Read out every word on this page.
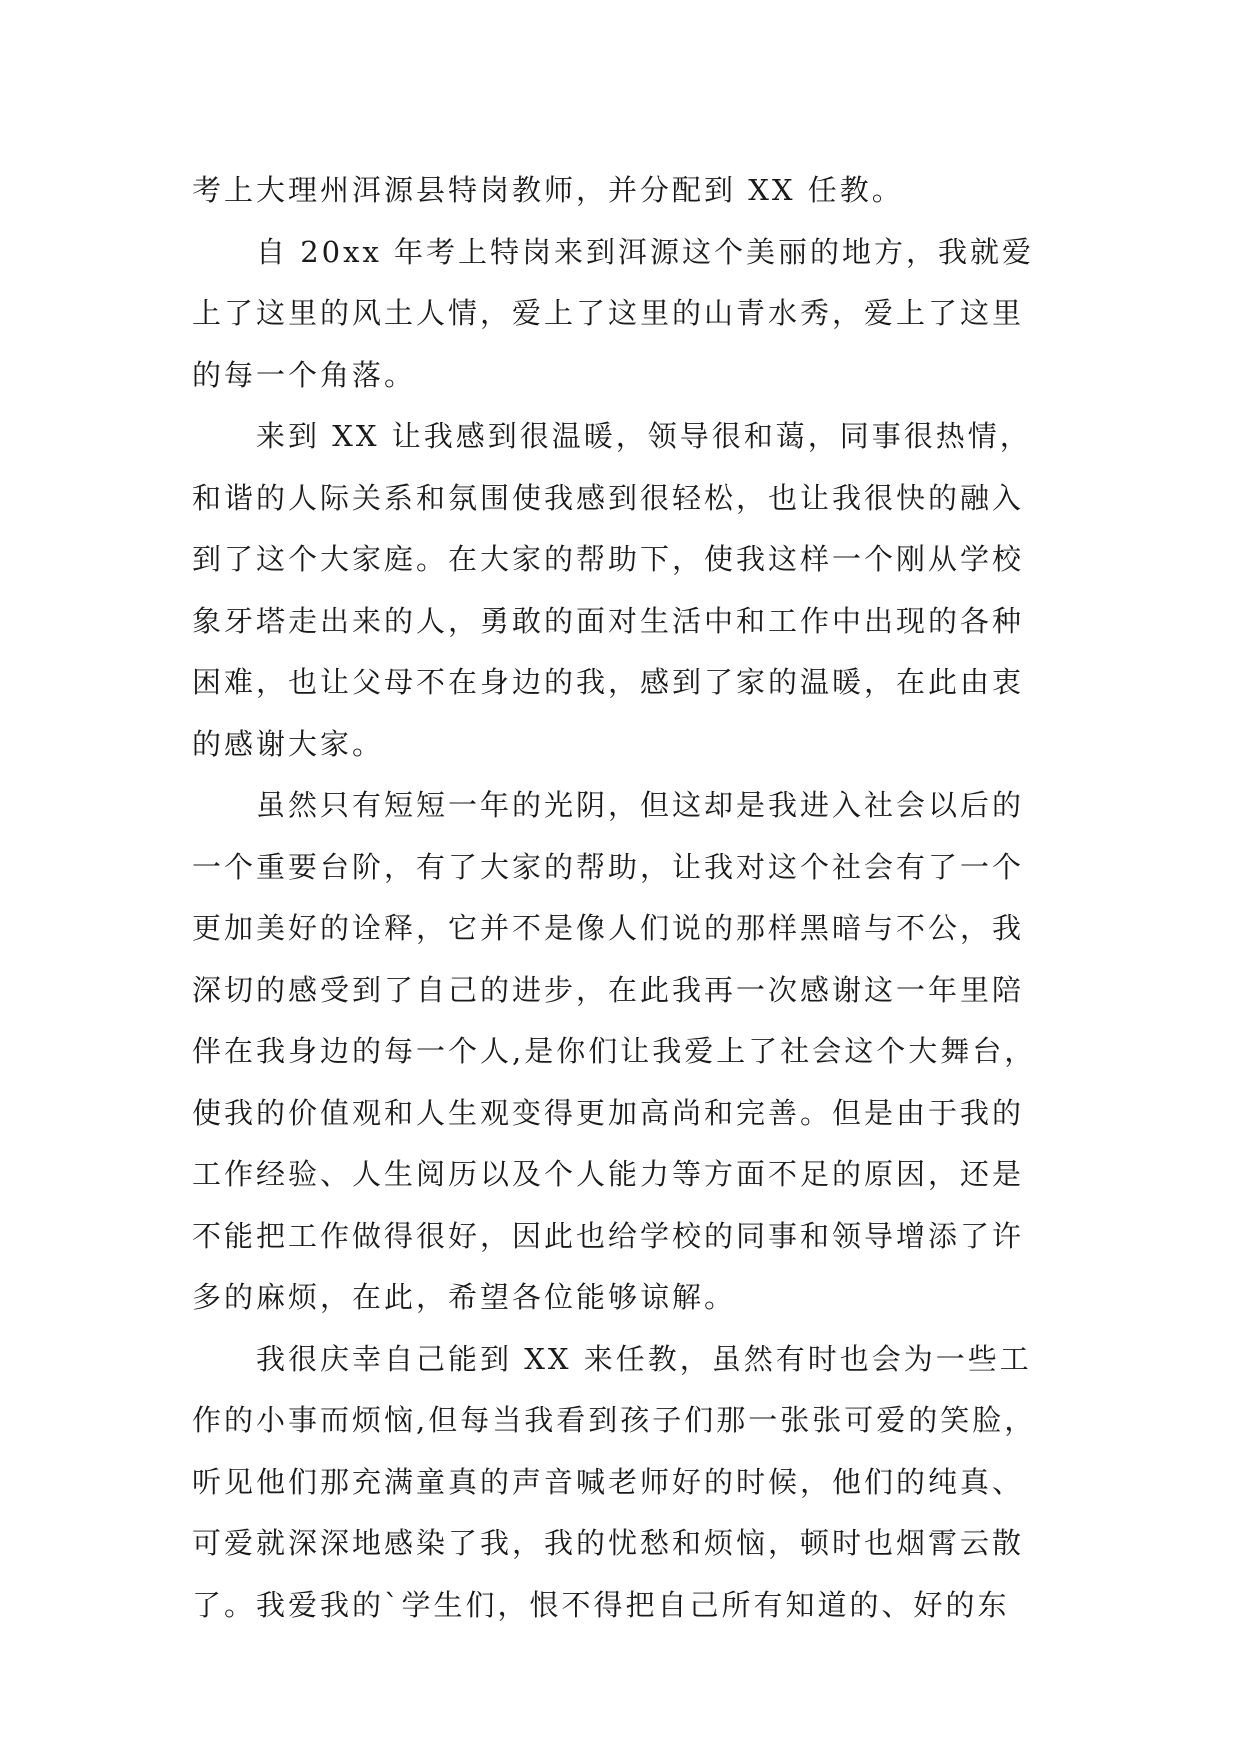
考上大理州洱源县特岗教师，并分配到 XX 任教。
自 20xx 年考上特岗来到洱源这个美丽的地方，我就爱
上了这里的风土人情，爱上了这里的山青水秀，爱上了这里
的每一个角落。
来到 XX 让我感到很温暖，领导很和蔼，同事很热情，
和谐的人际关系和氛围使我感到很轻松，也让我很快的融入
到了这个大家庭。在大家的帮助下，使我这样一个刚从学校
象牙塔走出来的人，勇敢的面对生活中和工作中出现的各种
困难，也让父母不在身边的我，感到了家的温暖，在此由衷
的感谢大家。
虽然只有短短一年的光阴，但这却是我进入社会以后的
一个重要台阶，有了大家的帮助，让我对这个社会有了一个
更加美好的诠释，它并不是像人们说的那样黑暗与不公，我
深切的感受到了自己的进步，在此我再一次感谢这一年里陪
伴在我身边的每一个人,是你们让我爱上了社会这个大舞台，
使我的价值观和人生观变得更加高尚和完善。但是由于我的
工作经验、人生阅历以及个人能力等方面不足的原因，还是
不能把工作做得很好，因此也给学校的同事和领导增添了许
多的麻烦，在此，希望各位能够谅解。
我很庆幸自己能到 XX 来任教，虽然有时也会为一些工
作的小事而烦恼,但每当我看到孩子们那一张张可爱的笑脸，
听见他们那充满童真的声音喊老师好的时候，他们的纯真、
可爱就深深地感染了我，我的忧愁和烦恼，顿时也烟霄云散
了。我爱我的`学生们，恨不得把自己所有知道的、好的东
